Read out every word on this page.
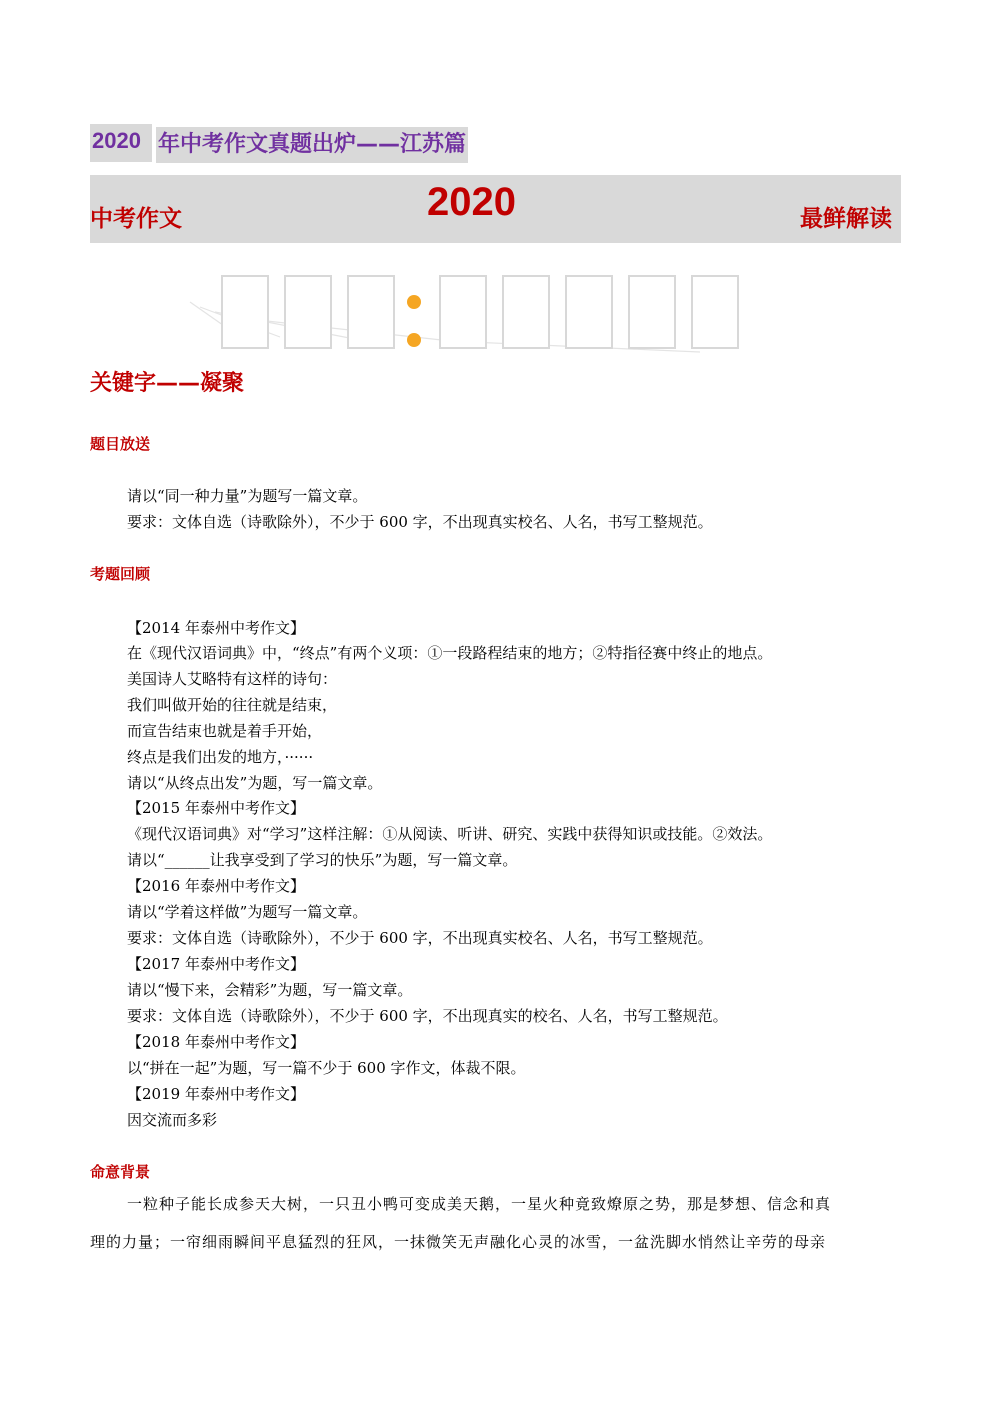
2020 年中考作文真题出炉——江苏篇
中考作文	2020	最鲜解读
关键字——凝聚
题目放送
请以“同一种力量”为题写一篇文章。
要求：文体自选（诗歌除外），不少于 600 字，不出现真实校名、人名，书写工整规范。
考题回顾
【2014 年泰州中考作文】
在《现代汉语词典》中，“终点”有两个义项：①一段路程结束的地方；②特指径赛中终止的地点。
美国诗人艾略特有这样的诗句：
我们叫做开始的往往就是结束，
而宣告结束也就是着手开始，
终点是我们出发的地方，······
请以“从终点出发”为题，写一篇文章。
【2015 年泰州中考作文】
《现代汉语词典》对“学习”这样注解：①从阅读、听讲、研究、实践中获得知识或技能。②效法。
请以“______让我享受到了学习的快乐”为题，写一篇文章。
【2016 年泰州中考作文】
请以“学着这样做”为题写一篇文章。
要求：文体自选（诗歌除外），不少于 600 字，不出现真实校名、人名，书写工整规范。
【2017 年泰州中考作文】
请以“慢下来，会精彩”为题，写一篇文章。
要求：文体自选（诗歌除外），不少于 600 字，不出现真实的校名、人名，书写工整规范。
【2018 年泰州中考作文】
以“拼在一起”为题，写一篇不少于 600 字作文，体裁不限。
【2019 年泰州中考作文】
因交流而多彩
命意背景
一粒种子能长成参天大树，一只丑小鸭可变成美天鹅，一星火种竟致燎原之势，那是梦想、信念和真
理的力量；一帘细雨瞬间平息猛烈的狂风，一抹微笑无声融化心灵的冰雪，一盆洗脚水悄然让辛劳的母亲
